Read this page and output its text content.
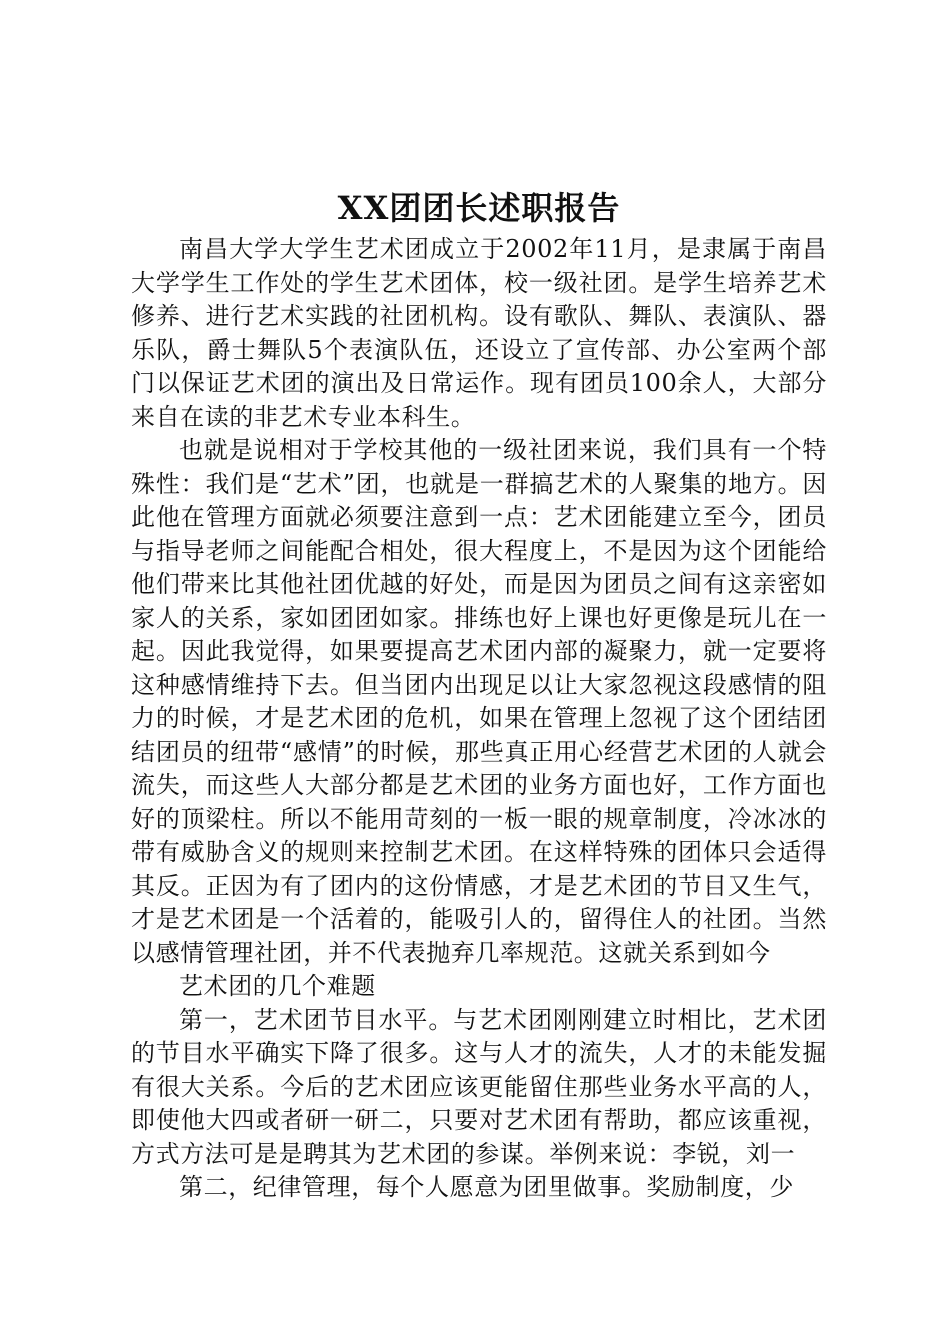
XX团团长述职报告

南昌大学大学生艺术团成立于2002年11月，是隶属于南昌大学学生工作处的学生艺术团体，校一级社团。是学生培养艺术修养、进行艺术实践的社团机构。设有歌队、舞队、表演队、器乐队，爵士舞队5个表演队伍，还设立了宣传部、办公室两个部门以保证艺术团的演出及日常运作。现有团员100余人，大部分来自在读的非艺术专业本科生。

也就是说相对于学校其他的一级社团来说，我们具有一个特殊性：我们是“艺术”团，也就是一群搞艺术的人聚集的地方。因此他在管理方面就必须要注意到一点：艺术团能建立至今，团员与指导老师之间能配合相处，很大程度上，不是因为这个团能给他们带来比其他社团优越的好处，而是因为团员之间有这亲密如家人的关系，家如团团如家。排练也好上课也好更像是玩儿在一起。因此我觉得，如果要提高艺术团内部的凝聚力，就一定要将这种感情维持下去。但当团内出现足以让大家忽视这段感情的阻力的时候，才是艺术团的危机，如果在管理上忽视了这个团结团结团员的纽带“感情”的时候，那些真正用心经营艺术团的人就会流失，而这些人大部分都是艺术团的业务方面也好，工作方面也好的顶梁柱。所以不能用苛刻的一板一眼的规章制度，冷冰冰的带有威胁含义的规则来控制艺术团。在这样特殊的团体只会适得其反。正因为有了团内的这份情感，才是艺术团的节目又生气，才是艺术团是一个活着的，能吸引人的，留得住人的社团。当然以感情管理社团，并不代表抛弃几率规范。这就关系到如今

艺术团的几个难题

第一，艺术团节目水平。与艺术团刚刚建立时相比，艺术团的节目水平确实下降了很多。这与人才的流失，人才的未能发掘有很大关系。今后的艺术团应该更能留住那些业务水平高的人，即使他大四或者研一研二，只要对艺术团有帮助，都应该重视，方式方法可是是聘其为艺术团的参谋。举例来说：李锐，刘一

第二，纪律管理，每个人愿意为团里做事。奖励制度，少
